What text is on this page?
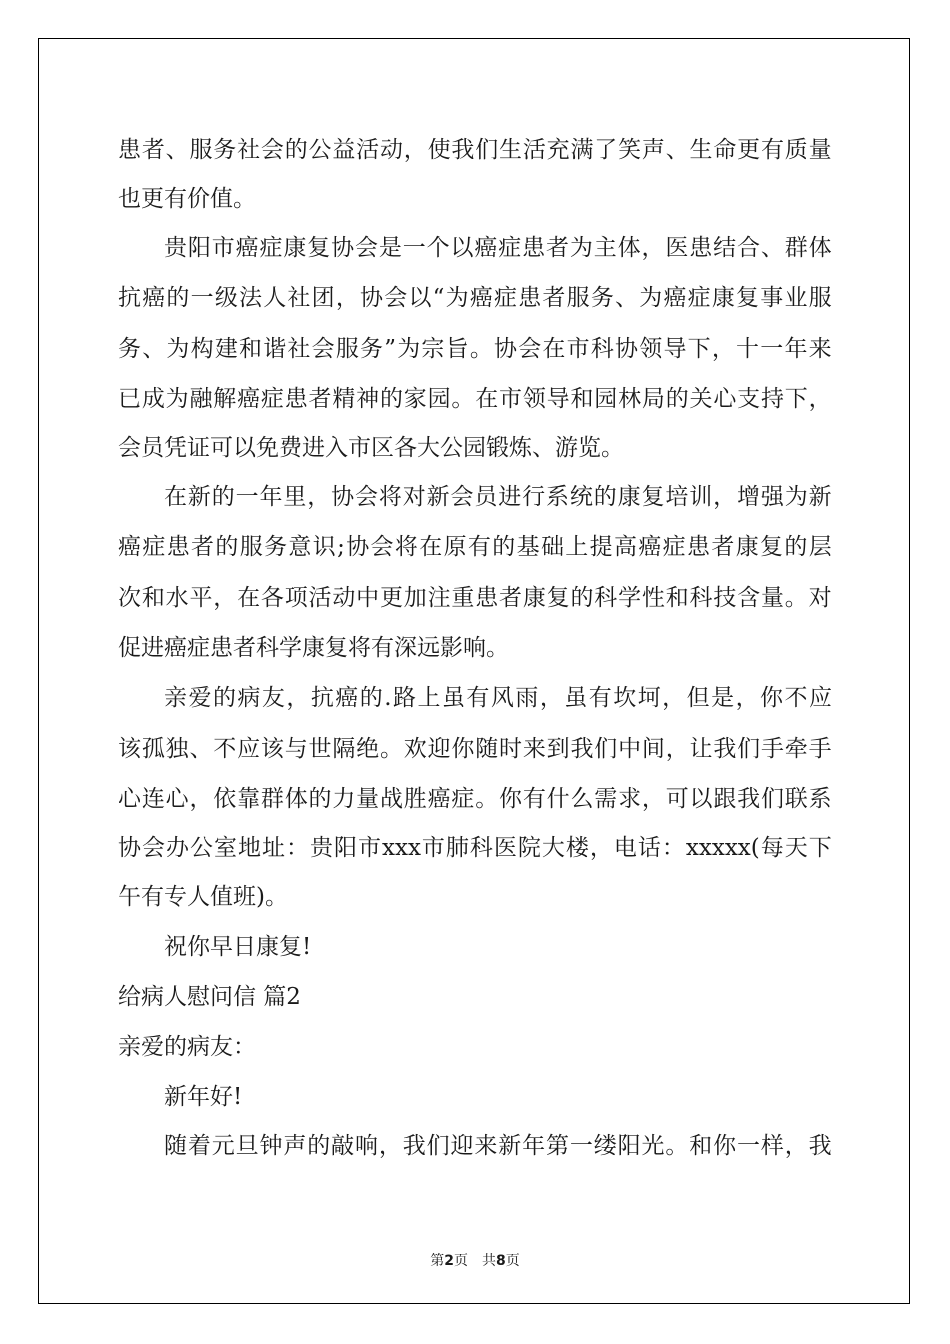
患 者 、 服 务 社 会 的 公 益 活 动 ， 使 我 们 生 活 充 满 了 笑 声 、 生 命 更 有 质 量
也更有价值。
贵 阳 市 癌 症 康 复 协 会 是 一 个 以 癌 症 患 者 为 主 体 ， 医 患 结 合 、 群 体
抗 癌 的 一 级 法 人 社 团 ， 协 会 以 “ 为 癌 症 患 者 服 务 、 为 癌 症 康 复 事 业 服
务 、 为 构 建 和 谐 社 会 服 务 ” 为 宗 旨 。 协 会 在 市 科 协 领 导 下 ， 十 一 年 来
已 成 为 融 解 癌 症 患 者 精 神 的 家 园 。 在 市 领 导 和 园 林 局 的 关 心 支 持 下 ，
会员凭证可以免费进入市区各大公园锻炼、游览。
在 新 的 一 年 里 ， 协 会 将 对 新 会 员 进 行 系 统 的 康 复 培 训 ， 增 强 为 新
癌 症 患 者 的 服 务 意 识 ; 协 会 将 在 原 有 的 基 础 上 提 高 癌 症 患 者 康 复 的 层
次 和 水 平 ， 在 各 项 活 动 中 更 加 注 重 患 者 康 复 的 科 学 性 和 科 技 含 量 。 对
促进癌症患者科学康复将有深远影响。
亲 爱 的 病 友 ， 抗 癌 的 . 路 上 虽 有 风 雨 ， 虽 有 坎 坷 ， 但 是 ， 你 不 应
该 孤 独 、 不 应 该 与 世 隔 绝 。 欢 迎 你 随 时 来 到 我 们 中 间 ， 让 我 们 手 牵 手
心 连 心 ， 依 靠 群 体 的 力 量 战 胜 癌 症 。 你 有 什 么 需 求 ， 可 以 跟 我 们 联 系
协 会 办 公 室 地 址 ： 贵 阳 市 xxx 市 肺 科 医 院 大 楼 ， 电 话 ： xxxxx( 每 天 下
午有专人值班)。
祝你早日康复!
给病人慰问信 篇2
亲爱的病友：
新年好!
随 着 元 旦 钟 声 的 敲 响 ， 我 们 迎 来 新 年 第 一 缕 阳 光 。 和 你 一 样 ， 我
第2页　共8页
